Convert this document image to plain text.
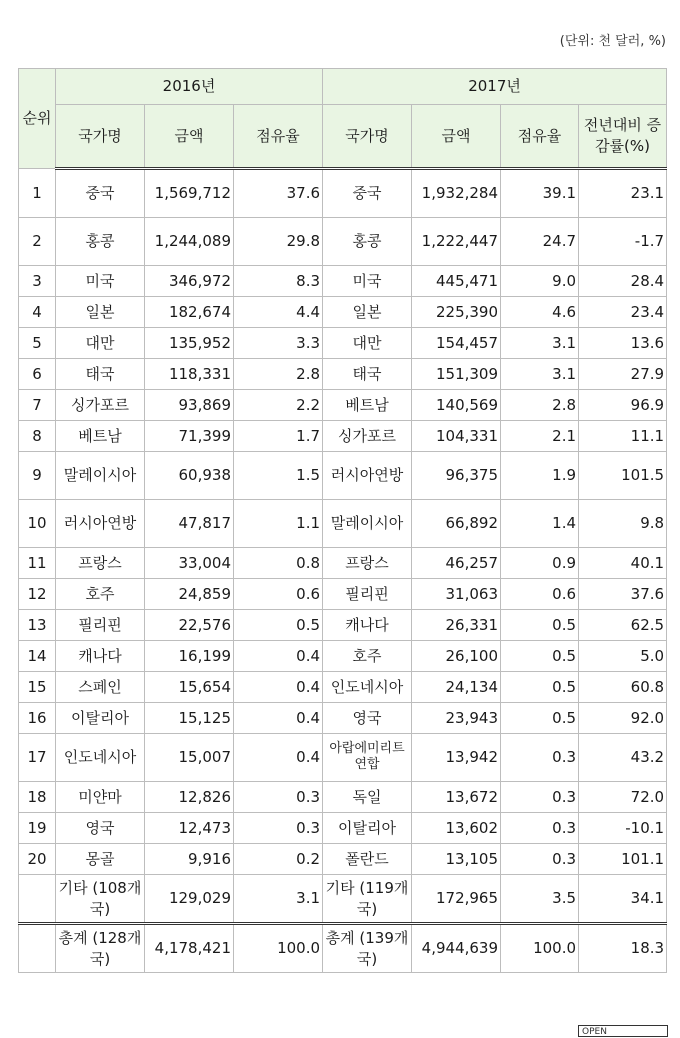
(단위: 천 달러, %)
순위	2016년			2017년			
	국가명	금액	점유율	국가명	금액	점유율	전년대비 증감률(%)
1	중국	1,569,712	37.6	중국	1,932,284	39.1	23.1
2	홍콩	1,244,089	29.8	홍콩	1,222,447	24.7	-1.7
3	미국	346,972	8.3	미국	445,471	9.0	28.4
4	일본	182,674	4.4	일본	225,390	4.6	23.4
5	대만	135,952	3.3	대만	154,457	3.1	13.6
6	태국	118,331	2.8	태국	151,309	3.1	27.9
7	싱가포르	93,869	2.2	베트남	140,569	2.8	96.9
8	베트남	71,399	1.7	싱가포르	104,331	2.1	11.1
9	말레이시아	60,938	1.5	러시아연방	96,375	1.9	101.5
10	러시아연방	47,817	1.1	말레이시아	66,892	1.4	9.8
11	프랑스	33,004	0.8	프랑스	46,257	0.9	40.1
12	호주	24,859	0.6	필리핀	31,063	0.6	37.6
13	필리핀	22,576	0.5	캐나다	26,331	0.5	62.5
14	캐나다	16,199	0.4	호주	26,100	0.5	5.0
15	스페인	15,654	0.4	인도네시아	24,134	0.5	60.8
16	이탈리아	15,125	0.4	영국	23,943	0.5	92.0
17	인도네시아	15,007	0.4	아랍에미리트연합	13,942	0.3	43.2
18	미얀마	12,826	0.3	독일	13,672	0.3	72.0
19	영국	12,473	0.3	이탈리아	13,602	0.3	-10.1
20	몽골	9,916	0.2	폴란드	13,105	0.3	101.1
	기타 (108개국)	129,029	3.1	기타 (119개국)	172,965	3.5	34.1
	총계 (128개국)	4,178,421	100.0	총계 (139개국)	4,944,639	100.0	18.3
OPEN
